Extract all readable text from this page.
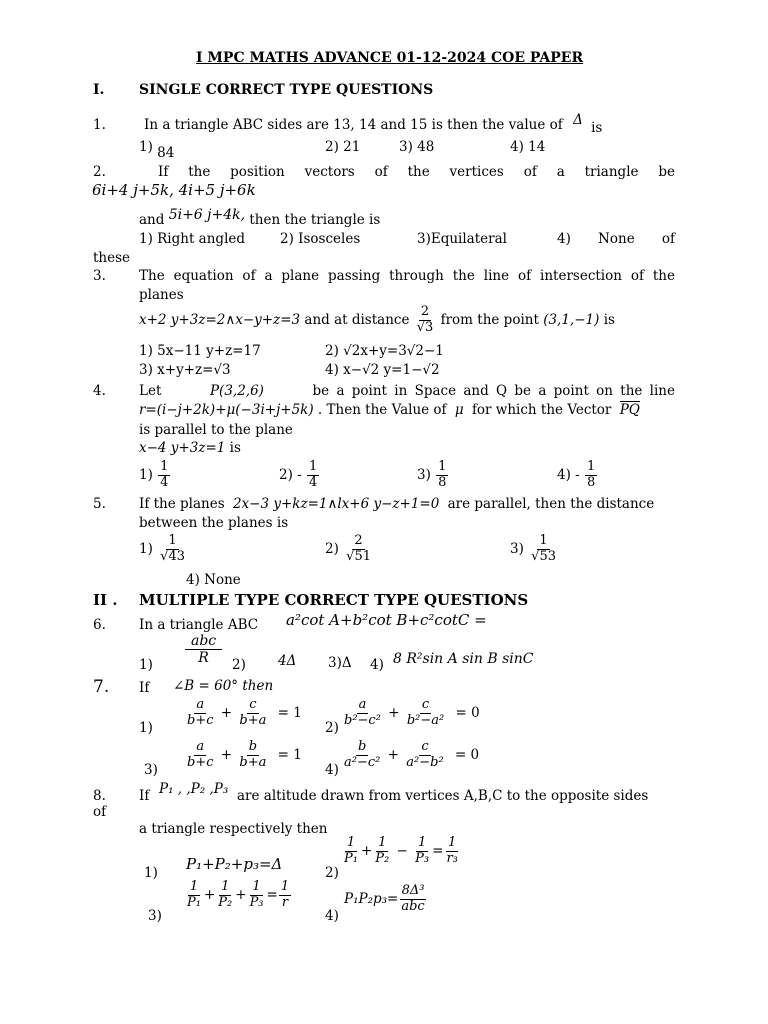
I MPC MATHS ADVANCE 01-12-2024 COE PAPER
I. SINGLE CORRECT TYPE QUESTIONS
1.	In a triangle ABC sides are 13, 14 and 15 is then the value of Δ is
1) 84	2) 21	3) 48	4) 14
2.	If the position vectors of the vertices of a triangle be
6i+4 j+5k, 4i+5 j+6k
and 5i+6 j+4k, then the triangle is
1) Right angled	2) Isosceles	3)Equilateral	4) None of
these
3. The equation of a plane passing through the line of intersection of the
planes
x+2 y+3z=2∧x−y+z=3 and at distance $\frac{2}{√3}$ from the point (3,1,−1) is
1) 5x−11 y+z=17	2) √2x+y=3√2−1
3) x+y+z=√3	4) x−√2 y=1−√2
4. Let	P(3,2,6)	be a point in Space and Q be a point on the line
r=(i−j+2k)+μ(−3i+j+5k) . Then the Value of μ for which the Vector PQ
is parallel to the plane
x−4 y+3z=1 is
$1) \frac{1}{4}$	$2) - \frac{1}{4}$	$3) \frac{1}{8}$	$4) - \frac{1}{8}$
5. If the planes 2x−3 y+kz=1∧lx+6 y−z+1=0 are parallel, then the distance
between the planes is
$1) \frac{1}{√43}$	$2) \frac{2}{√51}$	$3) \frac{1}{√53}$
4) None
II . MULTIPLE TYPE CORRECT TYPE QUESTIONS
6. In a triangle ABC a²cot A+b²cot B+c²cotC =
$1) \frac{\text{abc}}{R} 2$) 4Δ 3)Δ 4) 8 R²sin A sin B sinC
7. If ∠B = 60° then
$1) \frac{a}{b+c} + \frac{c}{b+a} = 1$
$2) \frac{a}{\text{b²−c²}} + \frac{c}{\text{b²−a²}} = 0$
$3) \frac{a}{b+c} + \frac{b}{b+a} = 1$
$4) \frac{b}{\text{a²−c²}} + \frac{c}{\text{a²−b²}} = 0$
8. If P₁ , ,P₂ ,P₃ are altitude drawn from vertices A,B,C to the opposite sides
of
a triangle respectively then
1) P₁+P₂+p₃=Δ	2)
$\frac{1}{\text{P₁}} + \frac{1}{\text{P₂}} - \frac{1}{\text{P₃}} = \frac{1}{\text{r₃}}$
3)
$\frac{1}{\text{P₁}} + \frac{1}{\text{P₂}} + \frac{1}{\text{P₃}} = \frac{1}{r}$
4)
$P_1P_2p_3= \frac{\text{8Δ³}}{\text{abc}}$
